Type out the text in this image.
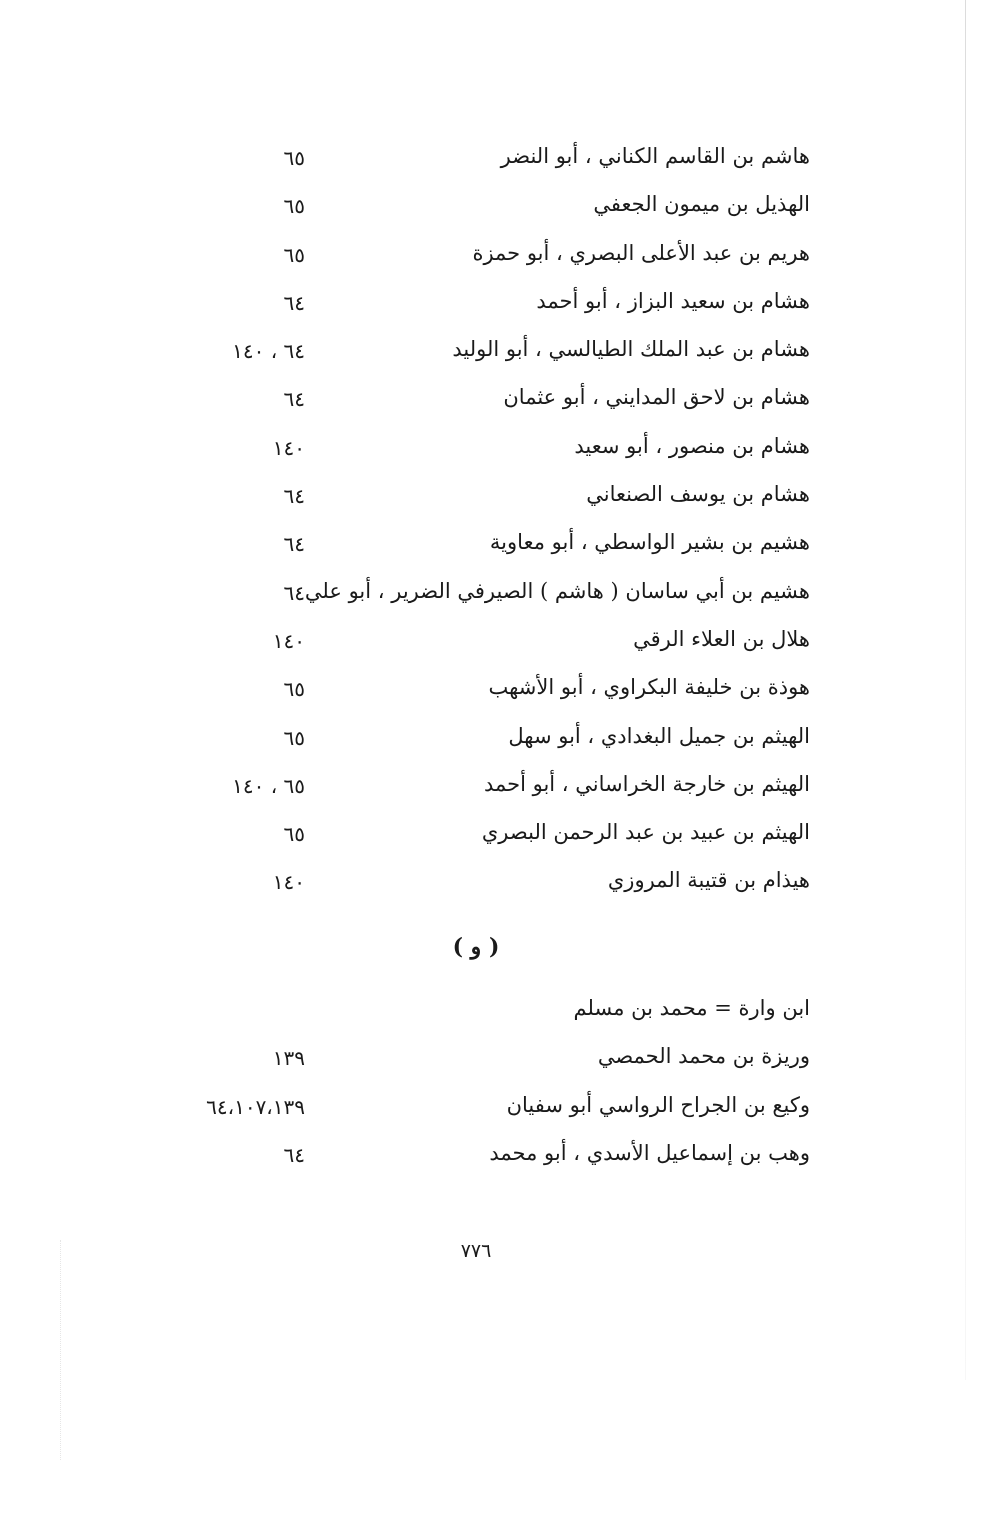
هاشم بن القاسم الكناني ، أبو النضر
٦٥
الهذيل بن ميمون الجعفي
٦٥
هريم بن عبد الأعلى البصري ، أبو حمزة
٦٥
هشام بن سعيد البزاز ، أبو أحمد
٦٤
هشام بن عبد الملك الطيالسي ، أبو الوليد
٦٤ ، ١٤٠
هشام بن لاحق المدايني ، أبو عثمان
٦٤
هشام بن منصور ، أبو سعيد
١٤٠
هشام بن يوسف الصنعاني
٦٤
هشيم بن بشير الواسطي ، أبو معاوية
٦٤
هشيم بن أبي ساسان ( هاشم ) الصيرفي الضرير ، أبو علي
٦٤
هلال بن العلاء الرقي
١٤٠
هوذة بن خليفة البكراوي ، أبو الأشهب
٦٥
الهيثم بن جميل البغدادي ، أبو سهل
٦٥
الهيثم بن خارجة الخراساني ، أبو أحمد
٦٥ ، ١٤٠
الهيثم بن عبيد بن عبد الرحمن البصري
٦٥
هيذام بن قتيبة المروزي
١٤٠
( و )
ابن وارة = محمد بن مسلم
وريزة بن محمد الحمصي
١٣٩
وكيع بن الجراح الرواسي أبو سفيان
٦٤،١٠٧،١٣٩
وهب بن إسماعيل الأسدي ، أبو محمد
٦٤
٧٧٦
